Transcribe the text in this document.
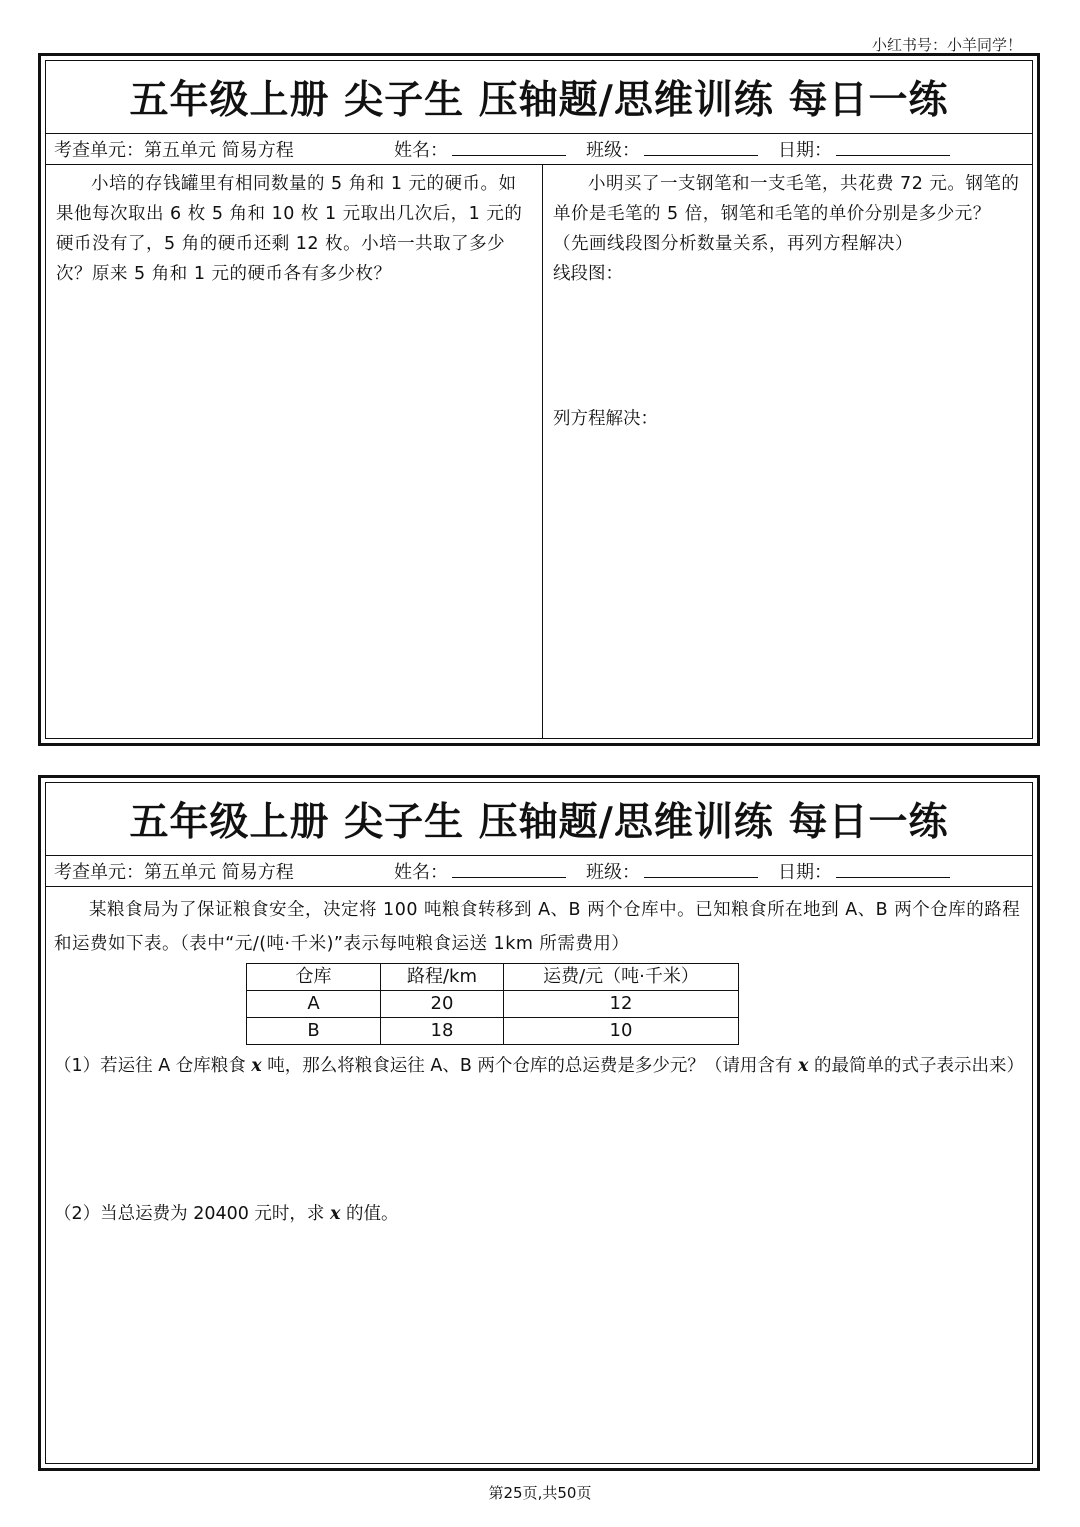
小红书号：小羊同学！
五年级上册 尖子生 压轴题/思维训练 每日一练
考查单元：第五单元 简易方程	姓名：	班级：	日期：

小培的存钱罐里有相同数量的 5 角和 1 元的硬币。如果他每次取出 6 枚 5 角和 10 枚 1 元取出几次后，1 元的硬币没有了，5 角的硬币还剩 12 枚。小培一共取了多少次？原来 5 角和 1 元的硬币各有多少枚？

小明买了一支钢笔和一支毛笔，共花费 72 元。钢笔的单价是毛笔的 5 倍，钢笔和毛笔的单价分别是多少元？（先画线段图分析数量关系，再列方程解决）

线段图：

列方程解决：

五年级上册 尖子生 压轴题/思维训练 每日一练
考查单元：第五单元 简易方程	姓名：	班级：	日期：

某粮食局为了保证粮食安全，决定将 100 吨粮食转移到 A、B 两个仓库中。已知粮食所在地到 A、B 两个仓库的路程和运费如下表。（表中“元/(吨·千米)”表示每吨粮食运送 1km 所需费用）

仓库	路程/km	运费/元（吨·千米）
A	20	12
B	18	10

（1）若运往 A 仓库粮食 x 吨，那么将粮食运往 A、B 两个仓库的总运费是多少元？（请用含有 x 的最简单的式子表示出来）

（2）当总运费为 20400 元时，求 x 的值。

第25页,共50页
